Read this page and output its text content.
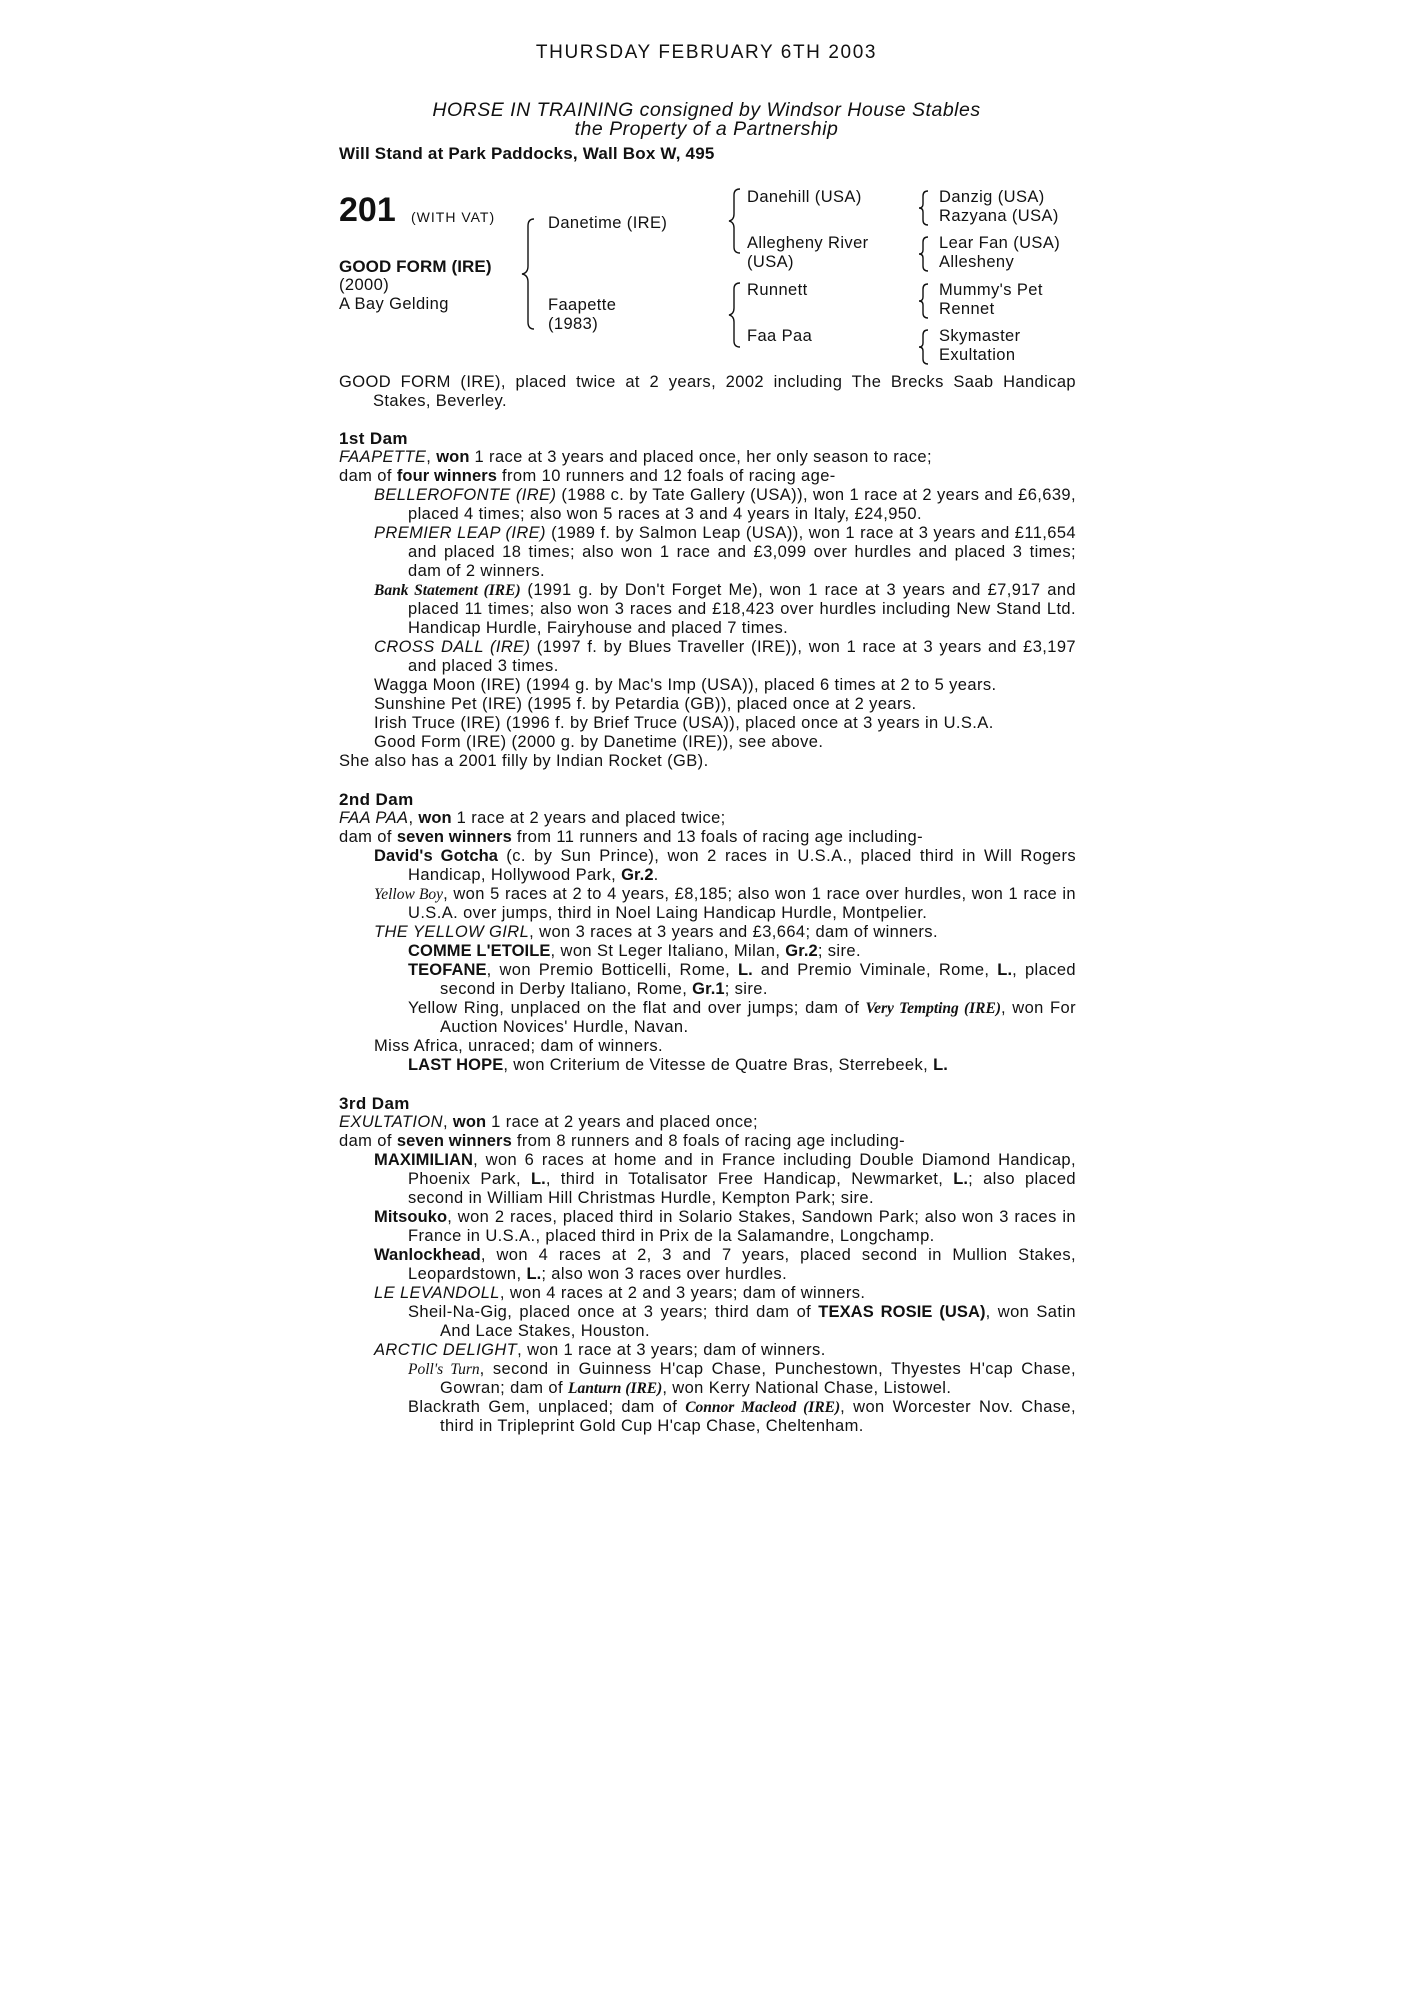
THURSDAY FEBRUARY 6TH 2003
HORSE IN TRAINING consigned by Windsor House Stables
the Property of a Partnership
Will Stand at Park Paddocks, Wall Box W, 495
201 (WITH VAT)
GOOD FORM (IRE)
(2000)
A Bay Gelding
Danetime (IRE)
Faapette
(1983)
Danehill (USA)
Allegheny River
(USA)
Runnett
Faa Paa
Danzig (USA)
Razyana (USA)
Lear Fan (USA)
Allesheny
Mummy's Pet
Rennet
Skymaster
Exultation
GOOD FORM (IRE), placed twice at 2 years, 2002 including The Brecks Saab Handicap
Stakes, Beverley.
1st Dam
FAAPETTE, won 1 race at 3 years and placed once, her only season to race;
dam of four winners from 10 runners and 12 foals of racing age-

BELLEROFONTE (IRE) (1988 c. by Tate Gallery (USA)), won 1 race at 2 years and £6,639, placed 4 times; also won 5 races at 3 and 4 years in Italy, £24,950.

PREMIER LEAP (IRE) (1989 f. by Salmon Leap (USA)), won 1 race at 3 years and £11,654 and placed 18 times; also won 1 race and £3,099 over hurdles and placed 3 times; dam of 2 winners.

Bank Statement (IRE) (1991 g. by Don't Forget Me), won 1 race at 3 years and £7,917 and placed 11 times; also won 3 races and £18,423 over hurdles including New Stand Ltd. Handicap Hurdle, Fairyhouse and placed 7 times.

CROSS DALL (IRE) (1997 f. by Blues Traveller (IRE)), won 1 race at 3 years and £3,197 and placed 3 times.

Wagga Moon (IRE) (1994 g. by Mac's Imp (USA)), placed 6 times at 2 to 5 years.

Sunshine Pet (IRE) (1995 f. by Petardia (GB)), placed once at 2 years.

Irish Truce (IRE) (1996 f. by Brief Truce (USA)), placed once at 3 years in U.S.A.

Good Form (IRE) (2000 g. by Danetime (IRE)), see above.

She also has a 2001 filly by Indian Rocket (GB).
2nd Dam
FAA PAA, won 1 race at 2 years and placed twice;
dam of seven winners from 11 runners and 13 foals of racing age including-

David's Gotcha (c. by Sun Prince), won 2 races in U.S.A., placed third in Will Rogers Handicap, Hollywood Park, Gr.2.

Yellow Boy, won 5 races at 2 to 4 years, £8,185; also won 1 race over hurdles, won 1 race in U.S.A. over jumps, third in Noel Laing Handicap Hurdle, Montpelier.

THE YELLOW GIRL, won 3 races at 3 years and £3,664; dam of winners.

COMME L'ETOILE, won St Leger Italiano, Milan, Gr.2; sire.

TEOFANE, won Premio Botticelli, Rome, L. and Premio Viminale, Rome, L., placed second in Derby Italiano, Rome, Gr.1; sire.

Yellow Ring, unplaced on the flat and over jumps; dam of Very Tempting (IRE), won For Auction Novices' Hurdle, Navan.

Miss Africa, unraced; dam of winners.

LAST HOPE, won Criterium de Vitesse de Quatre Bras, Sterrebeek, L.

3rd Dam
EXULTATION, won 1 race at 2 years and placed once;
dam of seven winners from 8 runners and 8 foals of racing age including-

MAXIMILIAN, won 6 races at home and in France including Double Diamond Handicap, Phoenix Park, L., third in Totalisator Free Handicap, Newmarket, L.; also placed second in William Hill Christmas Hurdle, Kempton Park; sire.

Mitsouko, won 2 races, placed third in Solario Stakes, Sandown Park; also won 3 races in France in U.S.A., placed third in Prix de la Salamandre, Longchamp.

Wanlockhead, won 4 races at 2, 3 and 7 years, placed second in Mullion Stakes, Leopardstown, L.; also won 3 races over hurdles.

LE LEVANDOLL, won 4 races at 2 and 3 years; dam of winners.

Sheil-Na-Gig, placed once at 3 years; third dam of TEXAS ROSIE (USA), won Satin And Lace Stakes, Houston.

ARCTIC DELIGHT, won 1 race at 3 years; dam of winners.

Poll's Turn, second in Guinness H'cap Chase, Punchestown, Thyestes H'cap Chase, Gowran; dam of Lanturn (IRE), won Kerry National Chase, Listowel.

Blackrath Gem, unplaced; dam of Connor Macleod (IRE), won Worcester Nov. Chase, third in Tripleprint Gold Cup H'cap Chase, Cheltenham.
